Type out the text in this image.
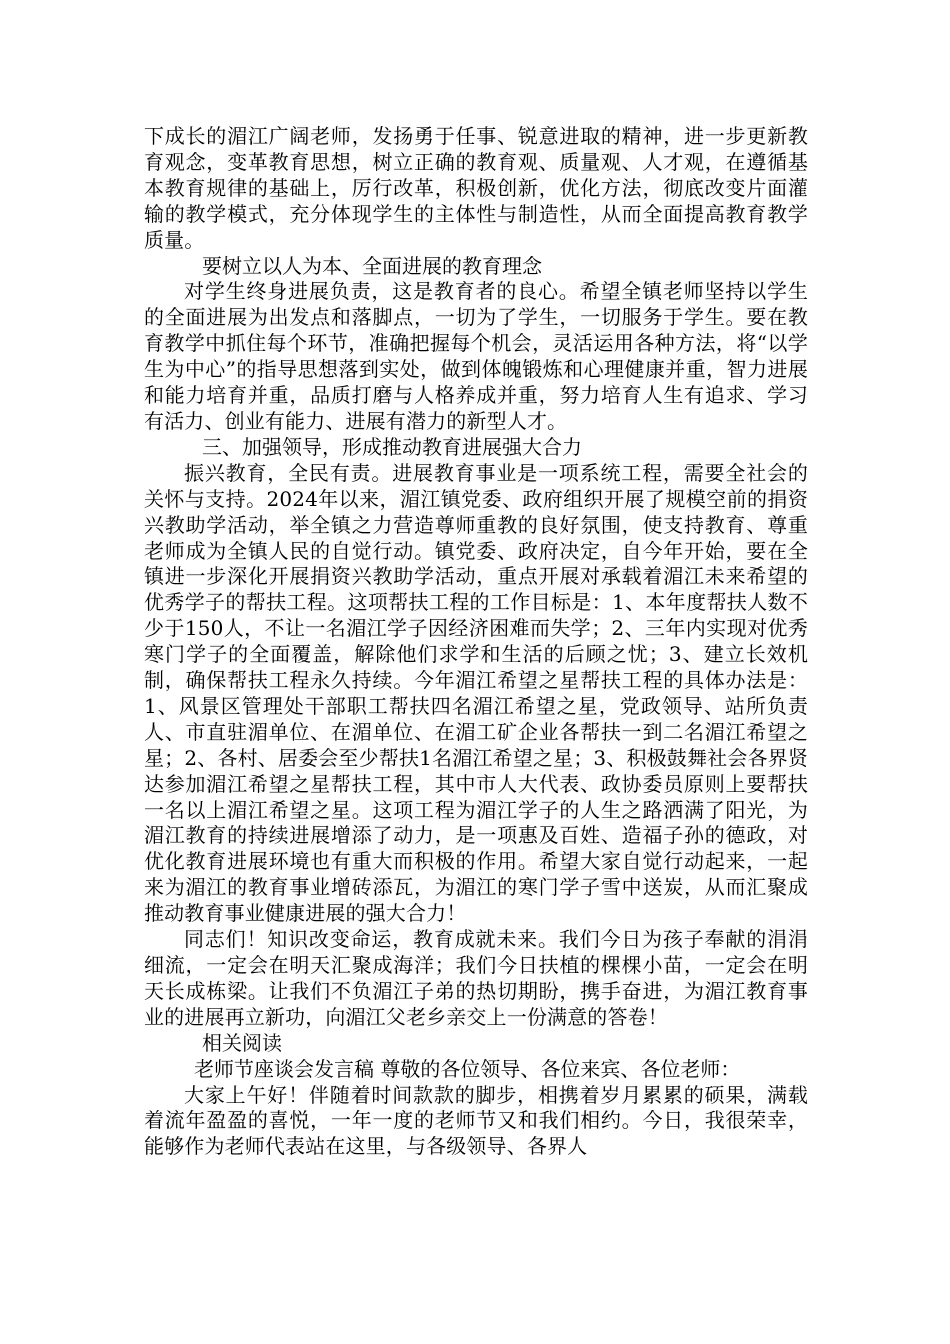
下成长的湄江广阔老师，发扬勇于任事、锐意进取的精神，进一步更新教育观念，变革教育思想，树立正确的教育观、质量观、人才观，在遵循基本教育规律的基础上，厉行改革，积极创新，优化方法，彻底改变片面灌输的教学模式，充分体现学生的主体性与制造性，从而全面提高教育教学质量。

要树立以人为本、全面进展的教育理念

对学生终身进展负责，这是教育者的良心。希望全镇老师坚持以学生的全面进展为出发点和落脚点，一切为了学生，一切服务于学生。要在教育教学中抓住每个环节，准确把握每个机会，灵活运用各种方法，将“以学生为中心”的指导思想落到实处，做到体魄锻炼和心理健康并重，智力进展和能力培育并重，品质打磨与人格养成并重，努力培育人生有追求、学习有活力、创业有能力、进展有潜力的新型人才。

三、加强领导，形成推动教育进展强大合力

振兴教育，全民有责。进展教育事业是一项系统工程，需要全社会的关怀与支持。2024年以来，湄江镇党委、政府组织开展了规模空前的捐资兴教助学活动，举全镇之力营造尊师重教的良好氛围，使支持教育、尊重老师成为全镇人民的自觉行动。镇党委、政府决定，自今年开始，要在全镇进一步深化开展捐资兴教助学活动，重点开展对承载着湄江未来希望的优秀学子的帮扶工程。这项帮扶工程的工作目标是：1、本年度帮扶人数不少于150人，不让一名湄江学子因经济困难而失学；2、三年内实现对优秀寒门学子的全面覆盖，解除他们求学和生活的后顾之忧；3、建立长效机制，确保帮扶工程永久持续。今年湄江希望之星帮扶工程的具体办法是：1、风景区管理处干部职工帮扶四名湄江希望之星，党政领导、站所负责人、市直驻湄单位、在湄单位、在湄工矿企业各帮扶一到二名湄江希望之星；2、各村、居委会至少帮扶1名湄江希望之星；3、积极鼓舞社会各界贤达参加湄江希望之星帮扶工程，其中市人大代表、政协委员原则上要帮扶一名以上湄江希望之星。这项工程为湄江学子的人生之路洒满了阳光，为湄江教育的持续进展增添了动力，是一项惠及百姓、造福子孙的德政，对优化教育进展环境也有重大而积极的作用。希望大家自觉行动起来，一起来为湄江的教育事业增砖添瓦，为湄江的寒门学子雪中送炭，从而汇聚成推动教育事业健康进展的强大合力！

同志们！知识改变命运，教育成就未来。我们今日为孩子奉献的涓涓细流，一定会在明天汇聚成海洋；我们今日扶植的棵棵小苗，一定会在明天长成栋梁。让我们不负湄江子弟的热切期盼，携手奋进，为湄江教育事业的进展再立新功，向湄江父老乡亲交上一份满意的答卷！

相关阅读

老师节座谈会发言稿 尊敬的各位领导、各位来宾、各位老师：

大家上午好！伴随着时间款款的脚步，相携着岁月累累的硕果，满载着流年盈盈的喜悦，一年一度的老师节又和我们相约。今日，我很荣幸，能够作为老师代表站在这里，与各级领导、各界人
